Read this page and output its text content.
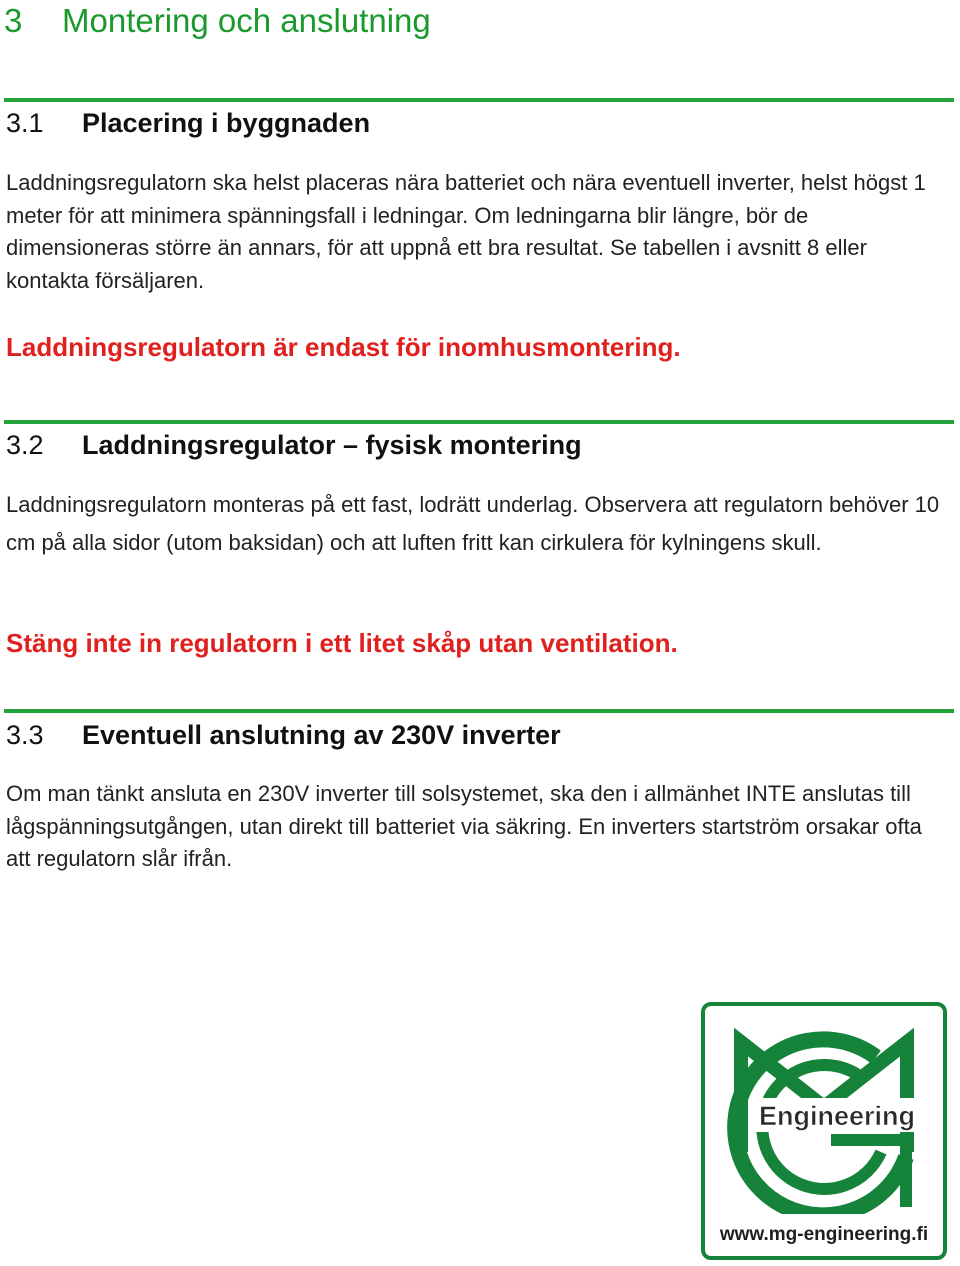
3 Montering och anslutning
3.1 Placering i byggnaden
Laddningsregulatorn ska helst placeras nära batteriet och nära eventuell inverter, helst högst 1 meter för att minimera spänningsfall i ledningar. Om ledningarna blir längre, bör de dimensioneras större än annars, för att uppnå ett bra resultat. Se tabellen i avsnitt 8 eller kontakta försäljaren.
Laddningsregulatorn är endast för inomhusmontering.
3.2 Laddningsregulator – fysisk montering
Laddningsregulatorn monteras på ett fast, lodrätt underlag. Observera att regulatorn behöver 10 cm på alla sidor (utom baksidan) och att luften fritt kan cirkulera för kylningens skull.
Stäng inte in regulatorn i ett litet skåp utan ventilation.
3.3 Eventuell anslutning av 230V inverter
Om man tänkt ansluta en 230V inverter till solsystemet, ska den i allmänhet INTE anslutas till lågspänningsutgången, utan direkt till batteriet via säkring. En inverters startström orsakar ofta att regulatorn slår ifrån.
Engineering
www.mg-engineering.fi
